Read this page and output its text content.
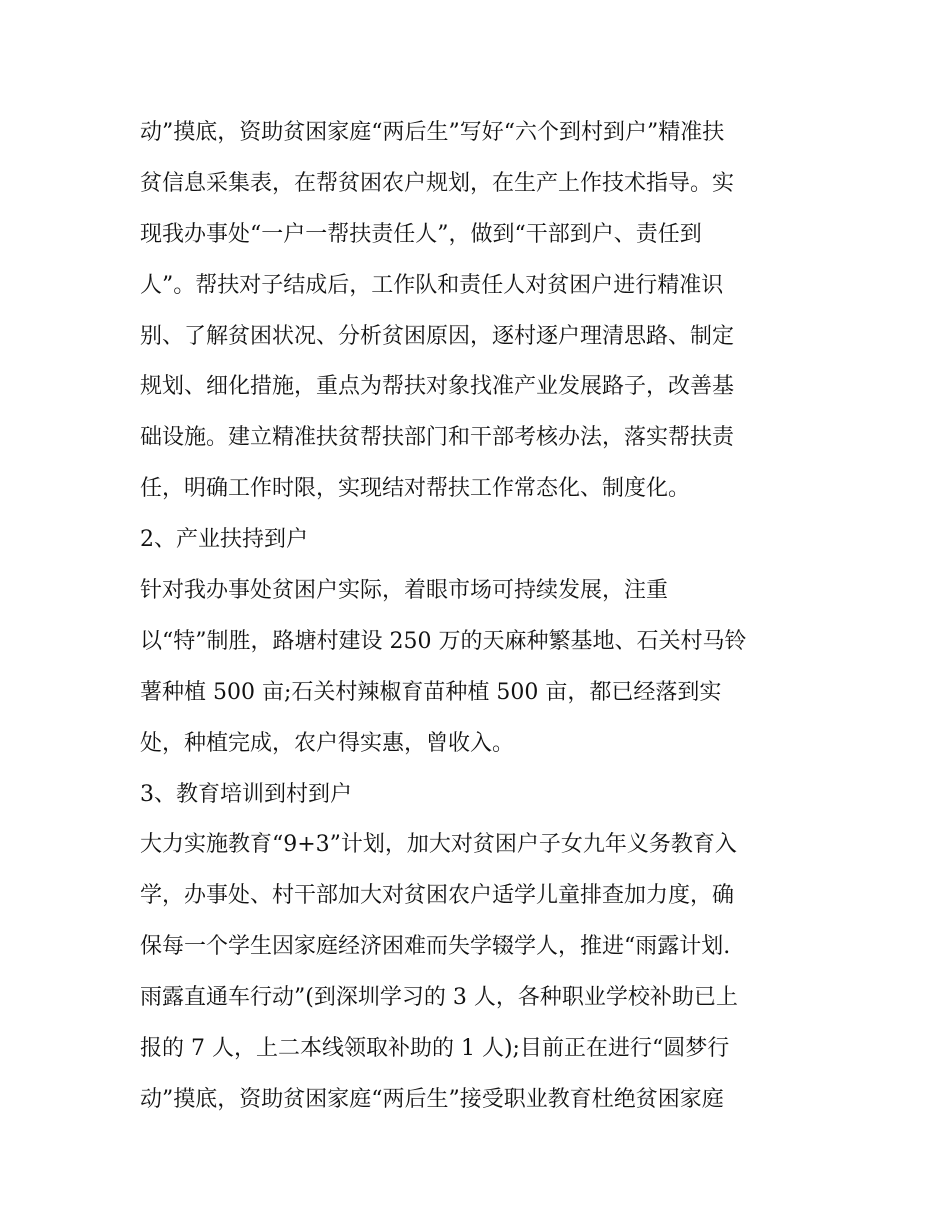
动”摸底，资助贫困家庭“两后生”写好“六个到村到户”精准扶
贫信息采集表，在帮贫困农户规划，在生产上作技术指导。实
现我办事处“一户一帮扶责任人”，做到“干部到户、责任到
人”。帮扶对子结成后，工作队和责任人对贫困户进行精准识
别、了解贫困状况、分析贫困原因，逐村逐户理清思路、制定
规划、细化措施，重点为帮扶对象找准产业发展路子，改善基
础设施。建立精准扶贫帮扶部门和干部考核办法，落实帮扶责
任，明确工作时限，实现结对帮扶工作常态化、制度化。
2、产业扶持到户
针对我办事处贫困户实际，着眼市场可持续发展，注重
以“特”制胜，路塘村建设 250 万的天麻种繁基地、石关村马铃
薯种植 500 亩;石关村辣椒育苗种植 500 亩，都已经落到实
处，种植完成，农户得实惠，曾收入。
3、教育培训到村到户
大力实施教育“9+3”计划，加大对贫困户子女九年义务教育入
学，办事处、村干部加大对贫困农户适学儿童排查加力度，确
保每一个学生因家庭经济困难而失学辍学人，推进“雨露计划.
雨露直通车行动”(到深圳学习的 3 人，各种职业学校补助已上
报的 7 人，上二本线领取补助的 1 人);目前正在进行“圆梦行
动”摸底，资助贫困家庭“两后生”接受职业教育杜绝贫困家庭
